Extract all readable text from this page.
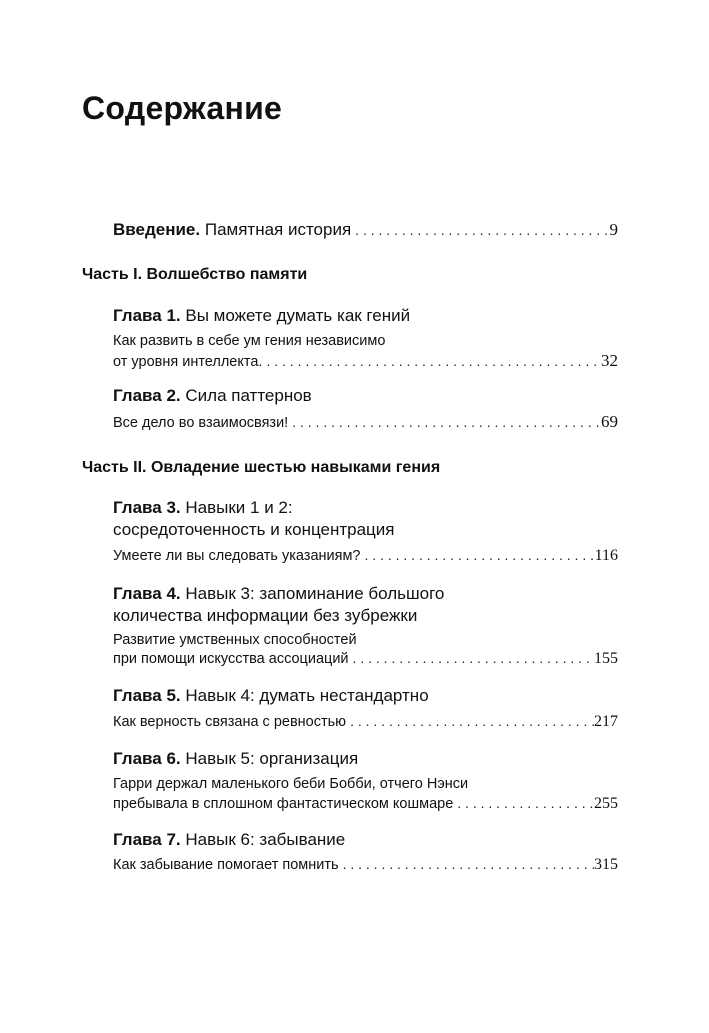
Содержание
Введение. Памятная история . . .	9
Часть I. Волшебство памяти
Глава 1. Вы можете думать как гений
Как развить в себе ум гения независимо
от уровня интеллекта. . . .	32
Глава 2. Сила паттернов
Все дело во взаимосвязи! . . .	69
Часть II. Овладение шестью навыками гения
Глава 3. Навыки 1 и 2:
сосредоточенность и концентрация
Умеете ли вы следовать указаниям? . . .	116
Глава 4. Навык 3: запоминание большого
количества информации без зубрежки
Развитие умственных способностей
при помощи искусства ассоциаций . . .	155
Глава 5. Навык 4: думать нестандартно
Как верность связана с ревностью . . .	217
Глава 6. Навык 5: организация
Гарри держал маленького беби Бобби, отчего Нэнси
пребывала в сплошном фантастическом кошмаре . . .	255
Глава 7. Навык 6: забывание
Как забывание помогает помнить . . .	315
